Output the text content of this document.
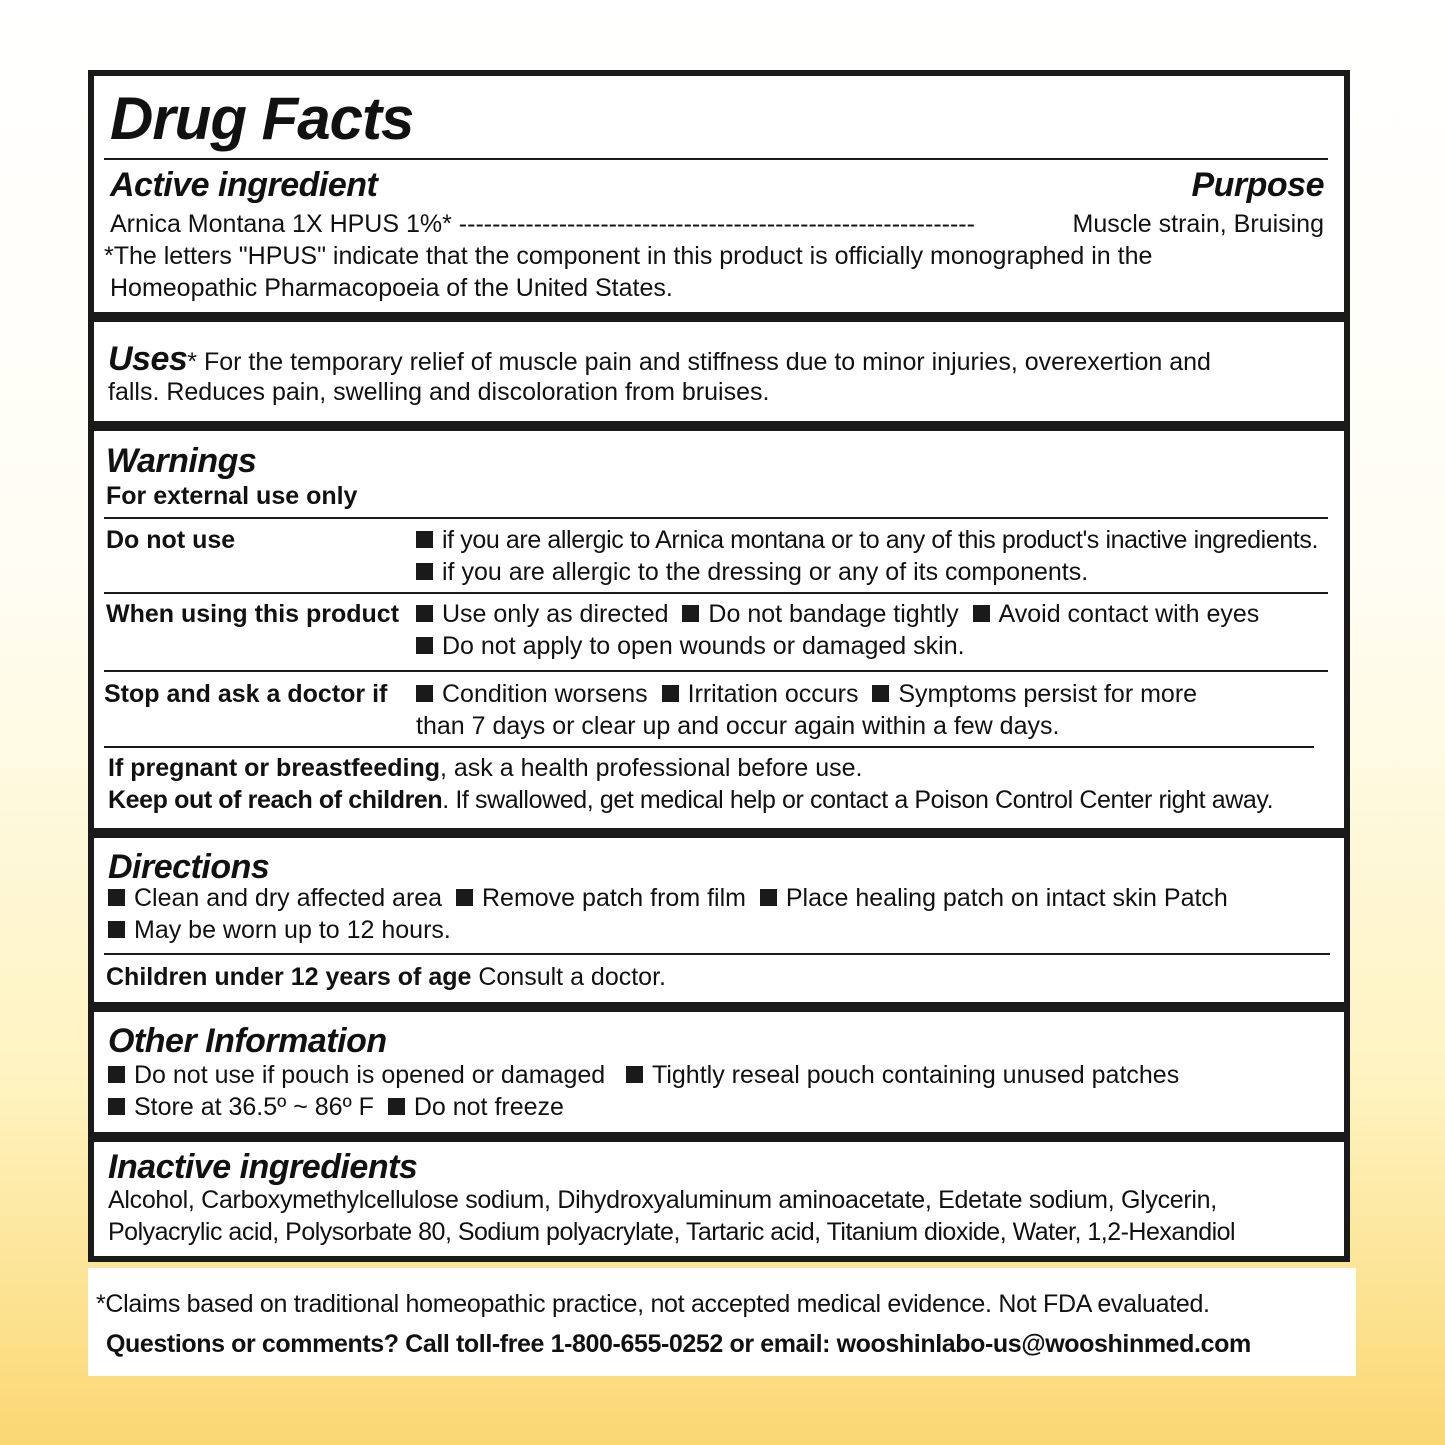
Drug Facts
Active ingredient	Purpose
Arnica Montana 1X HPUS 1%* --------------------------------------------------------------	Muscle strain, Bruising
*The letters "HPUS" indicate that the component in this product is officially monographed in the
Homeopathic Pharmacopoeia of the United States.
Uses* For the temporary relief of muscle pain and stiffness due to minor injuries, overexertion and
falls. Reduces pain, swelling and discoloration from bruises.
Warnings
For external use only
Do not use	if you are allergic to Arnica montana or to any of this product's inactive ingredients.
if you are allergic to the dressing or any of its components.
When using this product	Use only as directed Do not bandage tightly Avoid contact with eyes
Do not apply to open wounds or damaged skin.
Stop and ask a doctor if	Condition worsens Irritation occurs Symptoms persist for more
than 7 days or clear up and occur again within a few days.
If pregnant or breastfeeding, ask a health professional before use.
Keep out of reach of children. If swallowed, get medical help or contact a Poison Control Center right away.
Directions
Clean and dry affected area Remove patch from film Place healing patch on intact skin Patch
May be worn up to 12 hours.
Children under 12 years of age Consult a doctor.
Other Information
Do not use if pouch is opened or damaged Tightly reseal pouch containing unused patches
Store at 36.5º ~ 86º F Do not freeze
Inactive ingredients
Alcohol, Carboxymethylcellulose sodium, Dihydroxyaluminum aminoacetate, Edetate sodium, Glycerin,
Polyacrylic acid, Polysorbate 80, Sodium polyacrylate, Tartaric acid, Titanium dioxide, Water, 1,2-Hexandiol
*Claims based on traditional homeopathic practice, not accepted medical evidence. Not FDA evaluated.
Questions or comments? Call toll-free 1-800-655-0252 or email: wooshinlabo-us@wooshinmed.com
